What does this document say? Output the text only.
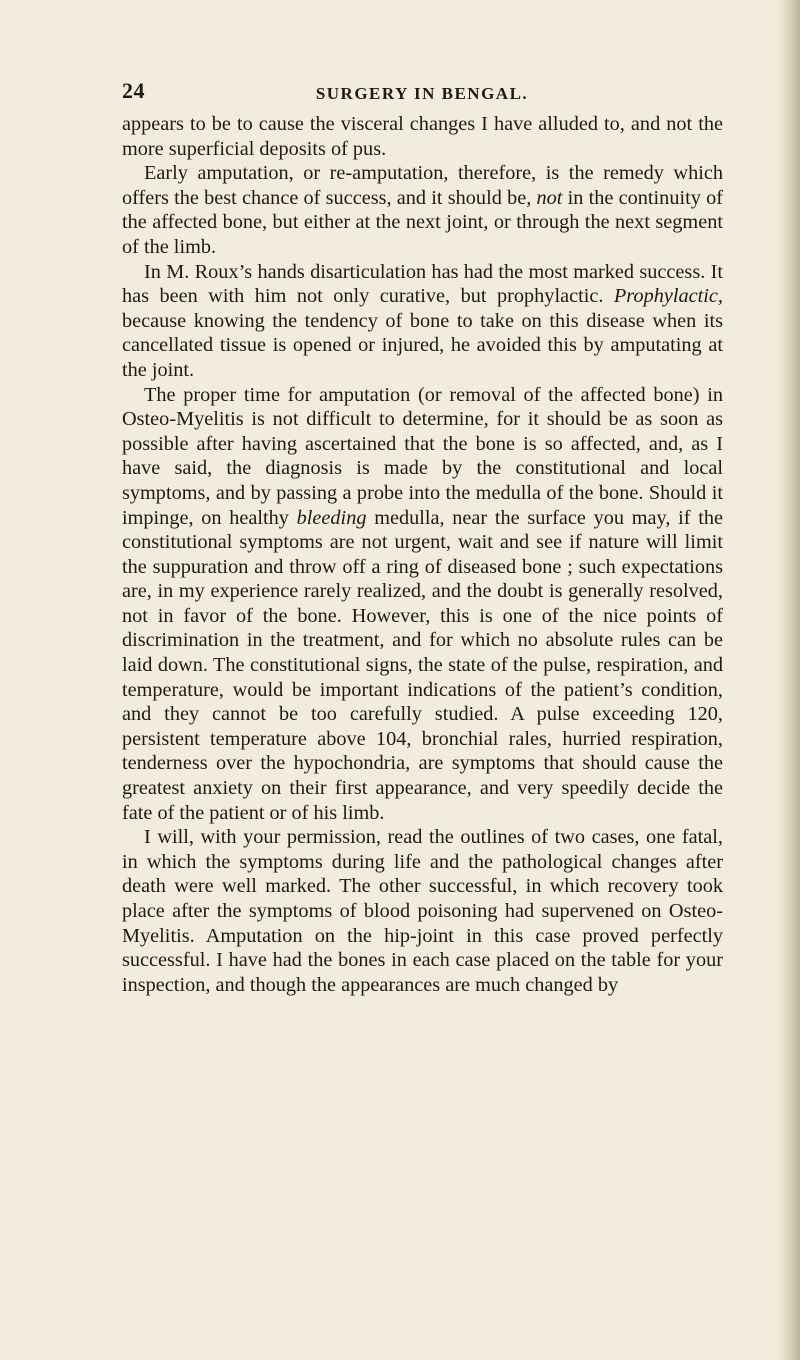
24	SURGERY IN BENGAL.

appears to be to cause the visceral changes I have alluded to, and not the more superficial deposits of pus.

Early amputation, or re-amputation, therefore, is the remedy which offers the best chance of success, and it should be, not in the continuity of the affected bone, but either at the next joint, or through the next segment of the limb.

In M. Roux’s hands disarticulation has had the most marked success. It has been with him not only curative, but prophylactic. Prophylactic, because knowing the tendency of bone to take on this disease when its cancellated tissue is opened or injured, he avoided this by amputating at the joint.

The proper time for amputation (or removal of the affected bone) in Osteo-Myelitis is not difficult to determine, for it should be as soon as possible after having ascertained that the bone is so affected, and, as I have said, the diagnosis is made by the constitutional and local symptoms, and by passing a probe into the medulla of the bone. Should it impinge, on healthy bleeding medulla, near the surface you may, if the constitutional symptoms are not urgent, wait and see if nature will limit the suppuration and throw off a ring of diseased bone ; such expectations are, in my experience rarely realized, and the doubt is generally resolved, not in favor of the bone. However, this is one of the nice points of discrimination in the treatment, and for which no absolute rules can be laid down. The constitutional signs, the state of the pulse, respiration, and temperature, would be important indications of the patient’s condition, and they cannot be too carefully studied. A pulse exceeding 120, persistent temperature above 104, bronchial rales, hurried respiration, tenderness over the hypochondria, are symptoms that should cause the greatest anxiety on their first appearance, and very speedily decide the fate of the patient or of his limb.

I will, with your permission, read the outlines of two cases, one fatal, in which the symptoms during life and the pathological changes after death were well marked. The other successful, in which recovery took place after the symptoms of blood poisoning had supervened on Osteo-Myelitis. Amputation on the hip-joint in this case proved perfectly successful. I have had the bones in each case placed on the table for your inspection, and though the appearances are much changed by
